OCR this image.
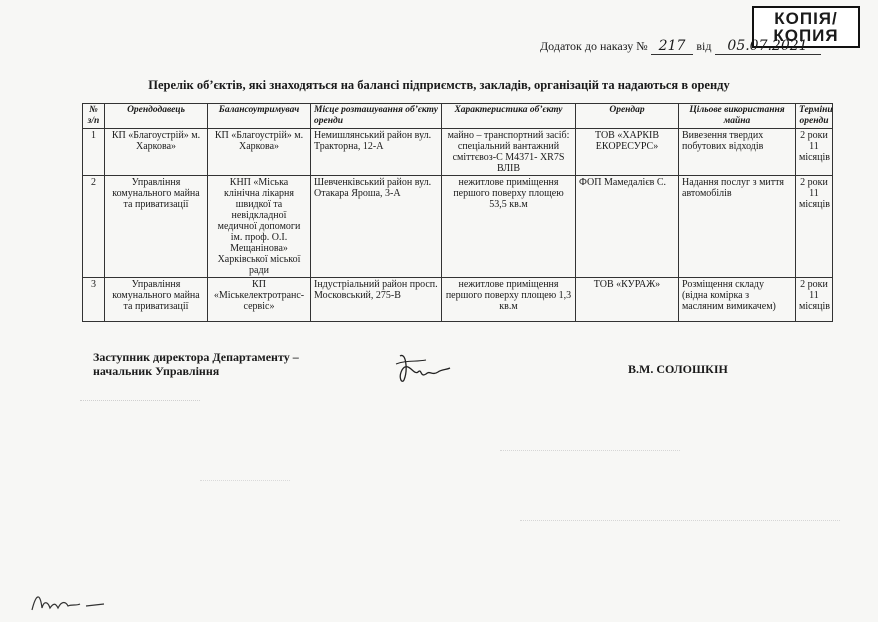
КОПІЯ/
КОПИЯ
Додаток до наказу № 217 від 05.07.2021
Перелік об’єктів, які знаходяться на балансі підприємств, закладів, організацій та надаються в оренду
№ з/п	Орендодавець	Балансоутримувач	Місце розташування об’єкту оренди	Характеристика об’єкту	Орендар	Цільове використання майна	Терміни оренди
1	КП «Благоустрій» м. Харкова»	КП «Благоустрій» м. Харкова»	Немишлянський район вул. Тракторна, 12-А	майно – транспортний засіб: спеціальний вантажний сміттєвоз-С М4371- ХR7S ВЛІВ	ТОВ «ХАРКІВ ЕКОРЕСУРС»	Вивезення твердих побутових відходів	2 роки 11 місяців
2	Управління комунального майна та приватизації	КНП «Міська клінічна лікарня швидкої та невідкладної медичної допомоги ім. проф. О.І. Мещанінова» Харківської міської ради	Шевченківський район вул. Отакара Яроша, 3-А	нежитлове приміщення першого поверху площею 53,5 кв.м	ФОП Мамедалієв С.	Надання послуг з миття автомобілів	2 роки 11 місяців
3	Управління комунального майна та приватизації	КП «Міськелектротранс-сервіс»	Індустріальний район просп. Московський, 275-В	нежитлове приміщення першого поверху площею 1,3 кв.м	ТОВ «КУРАЖ»	Розміщення складу (вiдна комірка з масляним вимикачем)	2 роки 11 місяців
Заступник директора Департаменту –
начальник Управління	В.М. СОЛОШКІН
